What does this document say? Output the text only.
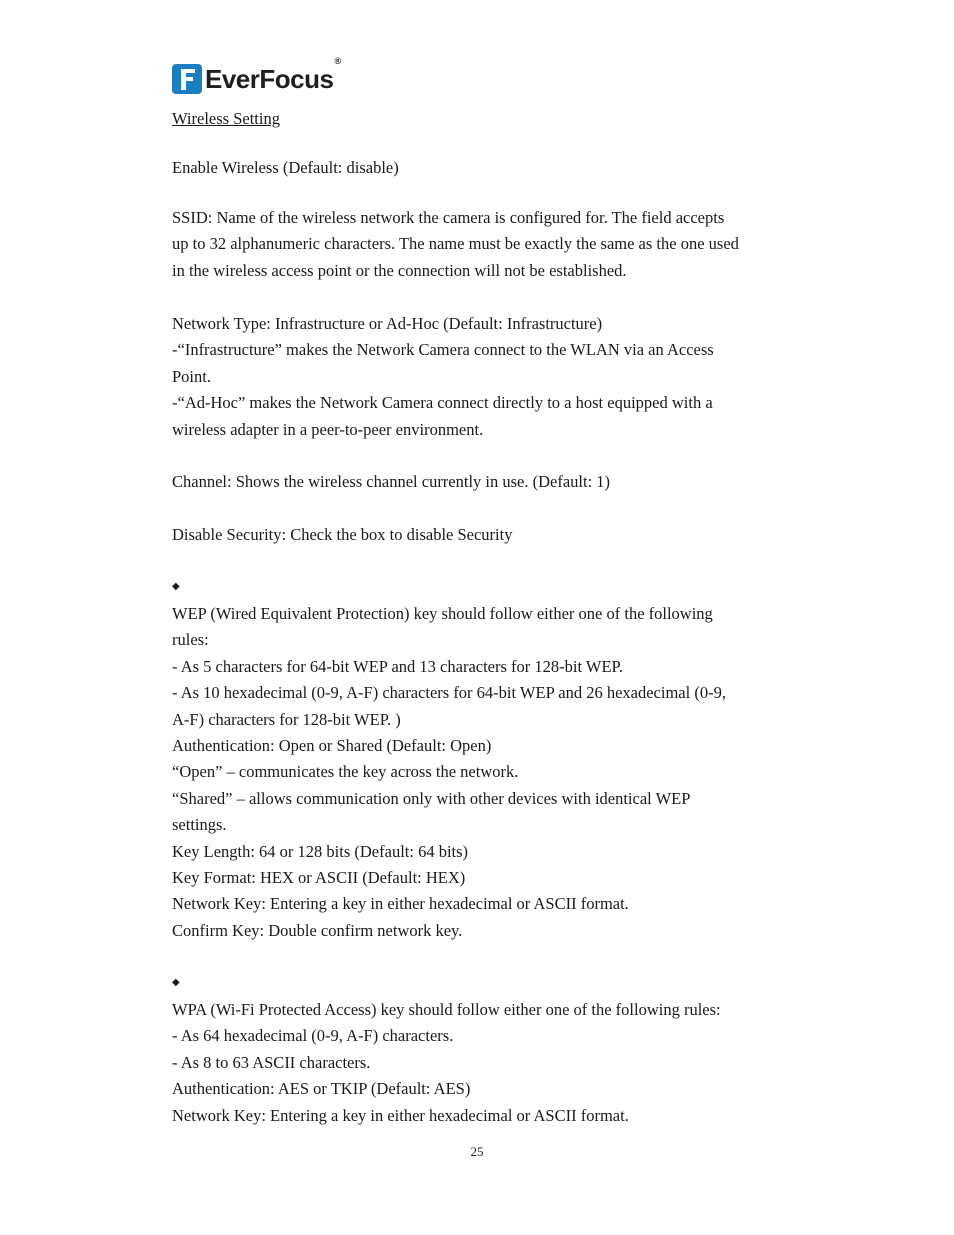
EverFocus®
Wireless Setting
Enable Wireless (Default: disable)
SSID: Name of the wireless network the camera is configured for. The field accepts
up to 32 alphanumeric characters. The name must be exactly the same as the one used
in the wireless access point or the connection will not be established.
Network Type: Infrastructure or Ad-Hoc (Default: Infrastructure)
-“Infrastructure” makes the Network Camera connect to the WLAN via an Access
Point.
-“Ad-Hoc” makes the Network Camera connect directly to a host equipped with a
wireless adapter in a peer-to-peer environment.
Channel: Shows the wireless channel currently in use. (Default: 1)
Disable Security: Check the box to disable Security
◆
WEP (Wired Equivalent Protection) key should follow either one of the following
rules:
- As 5 characters for 64-bit WEP and 13 characters for 128-bit WEP.
- As 10 hexadecimal (0-9, A-F) characters for 64-bit WEP and 26 hexadecimal (0-9,
A-F) characters for 128-bit WEP. )
Authentication: Open or Shared (Default: Open)
“Open” – communicates the key across the network.
“Shared” – allows communication only with other devices with identical WEP
settings.
Key Length: 64 or 128 bits (Default: 64 bits)
Key Format: HEX or ASCII (Default: HEX)
Network Key: Entering a key in either hexadecimal or ASCII format.
Confirm Key: Double confirm network key.
◆
WPA (Wi-Fi Protected Access) key should follow either one of the following rules:
- As 64 hexadecimal (0-9, A-F) characters.
- As 8 to 63 ASCII characters.
Authentication: AES or TKIP (Default: AES)
Network Key: Entering a key in either hexadecimal or ASCII format.
25
